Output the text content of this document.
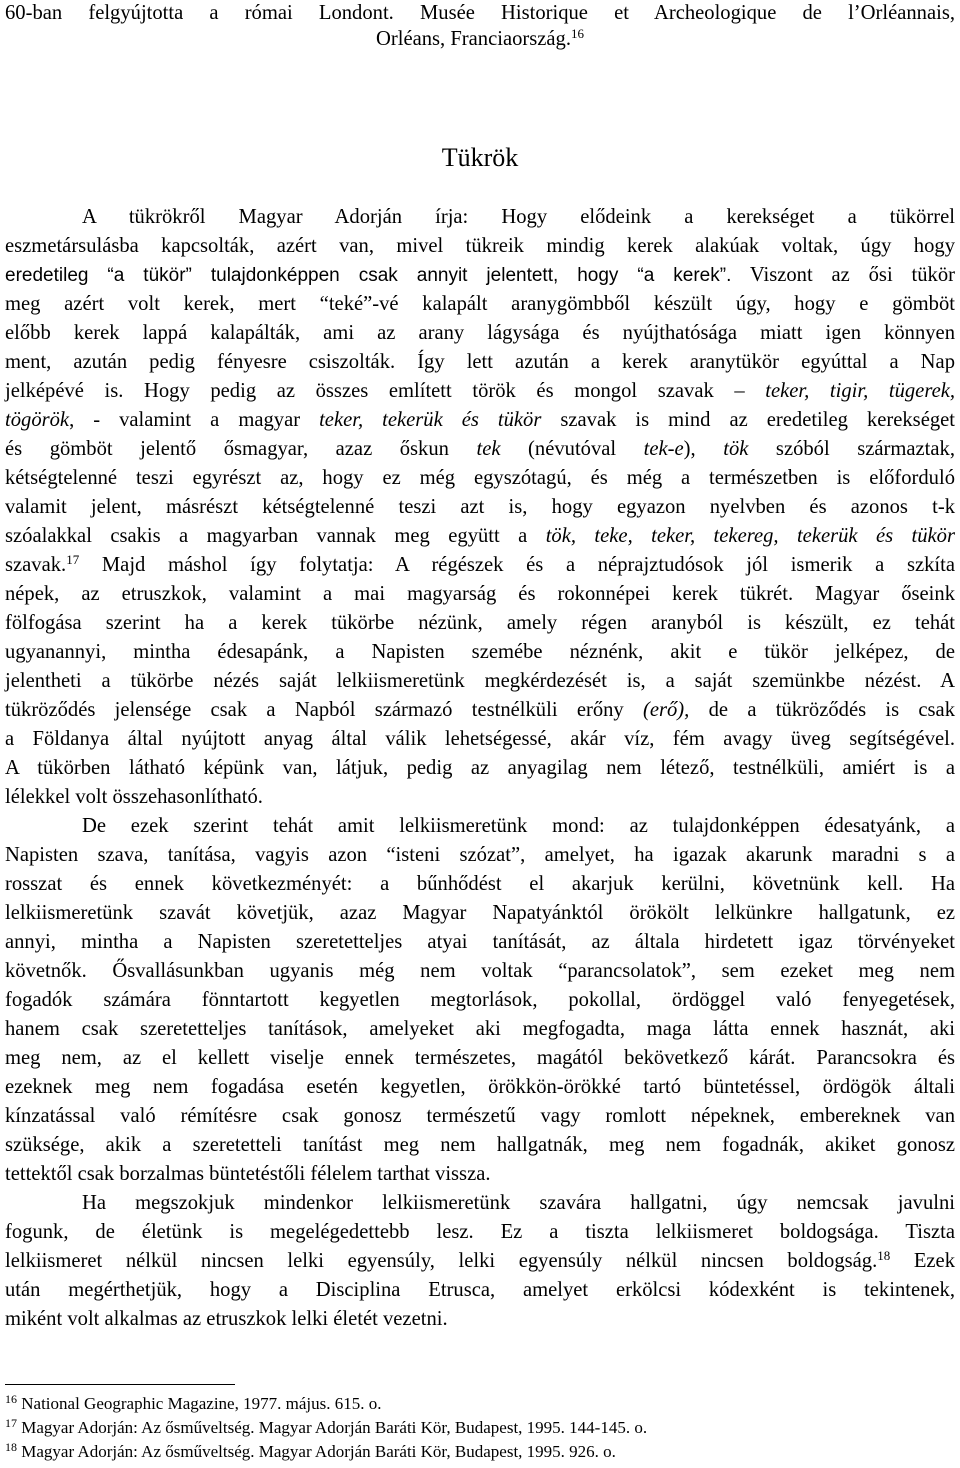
60-ban felgyújtotta a római Londont. Musée Historique et Archeologique de l’Orléannais,
Orléans, Franciaország.$^{16}$
Tükrök
A tükrökről Magyar Adorján írja: Hogy elődeink a kerekséget a tükörrel
eszmetársulásba kapcsolták, azért van, mivel tükreik mindig kerek alakúak voltak, úgy hogy
eredetileg “a tükör” tulajdonképpen csak annyit jelentett, hogy “a kerek”. Viszont az ősi tükör
meg azért volt kerek, mert “teké”-vé kalapált aranygömbből készült úgy, hogy e gömböt
előbb kerek lappá kalapálták, ami az arany lágysága és nyújthatósága miatt igen könnyen
ment, azután pedig fényesre csiszolták. Így lett azután a kerek aranytükör egyúttal a Nap
jelképévé is. Hogy pedig az összes említett török és mongol szavak – teker, tigir, tügerek,
tögörök, - valamint a magyar teker, tekerük és tükör szavak is mind az eredetileg kerekséget
és gömböt jelentő ősmagyar, azaz őskun tek (névutóval tek-e), tök szóból származtak,
kétségtelenné teszi egyrészt az, hogy ez még egyszótagú, és még a természetben is előforduló
valamit jelent, másrészt kétségtelenné teszi azt is, hogy egyazon nyelvben és azonos t-k
szóalakkal csakis a magyarban vannak meg együtt a tök, teke, teker, tekereg, tekerük és tükör
szavak.$^{17}$ Majd máshol így folytatja: A régészek és a néprajztudósok jól ismerik a szkíta
népek, az etruszkok, valamint a mai magyarság és rokonnépei kerek tükrét. Magyar őseink
fölfogása szerint ha a kerek tükörbe nézünk, amely régen aranyból is készült, ez tehát
ugyanannyi, mintha édesapánk, a Napisten szemébe néznénk, akit e tükör jelképez, de
jelentheti a tükörbe nézés saját lelkiismeretünk megkérdezését is, a saját szemünkbe nézést. A
tükröződés jelensége csak a Napból származó testnélküli erőny (erő), de a tükröződés is csak
a Földanya által nyújtott anyag által válik lehetségessé, akár víz, fém avagy üveg segítségével.
A tükörben látható képünk van, látjuk, pedig az anyagilag nem létező, testnélküli, amiért is a
lélekkel volt összehasonlítható.
De ezek szerint tehát amit lelkiismeretünk mond: az tulajdonképpen édesatyánk, a
Napisten szava, tanítása, vagyis azon “isteni szózat”, amelyet, ha igazak akarunk maradni s a
rosszat és ennek következményét: a bűnhődést el akarjuk kerülni, követnünk kell. Ha
lelkiismeretünk szavát követjük, azaz Magyar Napatyánktól örökölt lelkünkre hallgatunk, ez
annyi, mintha a Napisten szeretetteljes atyai tanítását, az általa hirdetett igaz törvényeket
követnők. Ősvallásunkban ugyanis még nem voltak “parancsolatok”, sem ezeket meg nem
fogadók számára fönntartott kegyetlen megtorlások, pokollal, ördöggel való fenyegetések,
hanem csak szeretetteljes tanítások, amelyeket aki megfogadta, maga látta ennek hasznát, aki
meg nem, az el kellett viselje ennek természetes, magától bekövetkező kárát. Parancsokra és
ezeknek meg nem fogadása esetén kegyetlen, örökkön-örökké tartó büntetéssel, ördögök általi
kínzatással való rémítésre csak gonosz természetű vagy romlott népeknek, embereknek van
szüksége, akik a szeretetteli tanítást meg nem hallgatnák, meg nem fogadnák, akiket gonosz
tettektől csak borzalmas büntetéstőli félelem tarthat vissza.
Ha megszokjuk mindenkor lelkiismeretünk szavára hallgatni, úgy nemcsak javulni
fogunk, de életünk is megelégedettebb lesz. Ez a tiszta lelkiismeret boldogsága. Tiszta
lelkiismeret nélkül nincsen lelki egyensúly, lelki egyensúly nélkül nincsen boldogság.$^{18}$ Ezek
után megérthetjük, hogy a Disciplina Etrusca, amelyet erkölcsi kódexként is tekintenek,
miként volt alkalmas az etruszkok lelki életét vezetni.
$^{16}$ National Geographic Magazine, 1977. május. 615. o.
$^{17}$ Magyar Adorján: Az ősműveltség. Magyar Adorján Baráti Kör, Budapest, 1995. 144-145. o.
$^{18}$ Magyar Adorján: Az ősműveltség. Magyar Adorján Baráti Kör, Budapest, 1995. 926. o.
